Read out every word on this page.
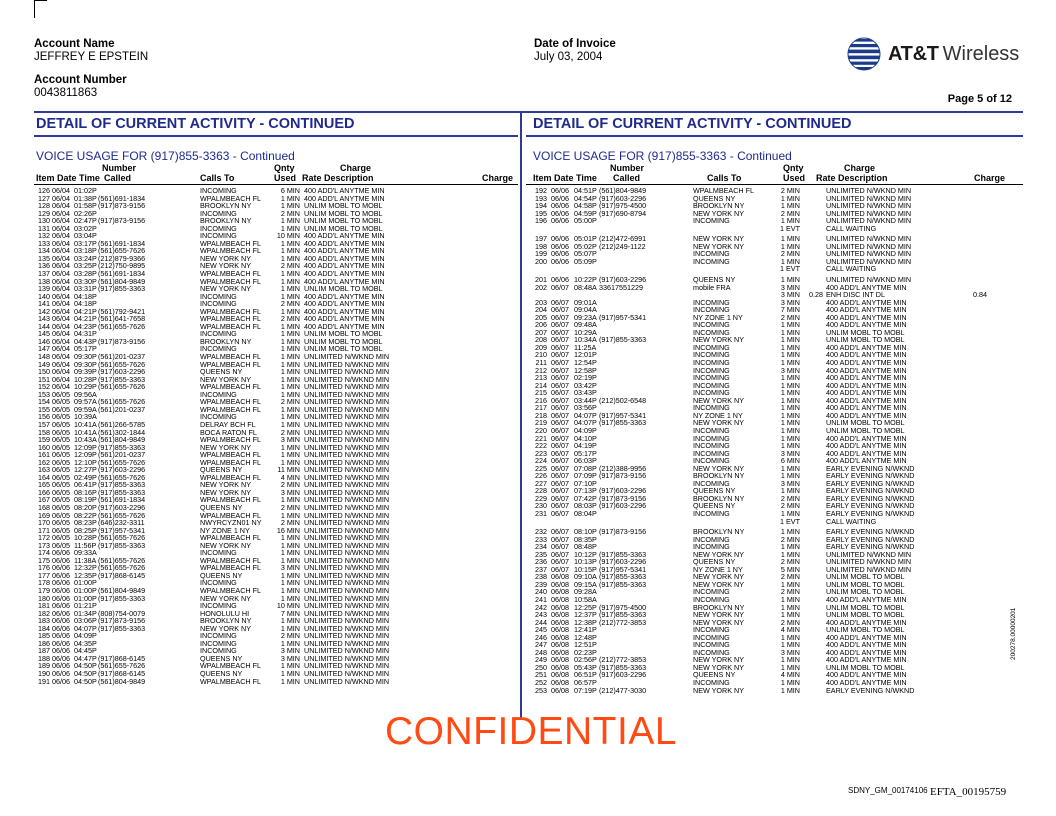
Account Name
JEFFREY E EPSTEIN
Account Number
0043811863
Date of Invoice
July 03, 2004	AT&T Wireless
Page 5 of 12
DETAIL OF CURRENT ACTIVITY - CONTINUED
VOICE USAGE FOR (917)855-3363 - Continued
Number	Qnty	Charge
Item Date Time Called	Calls To	Used Rate Description	Charge
126 06/04 01:02P	INCOMING	6 MIN 400 ADD'L ANYTME MIN
127 06/04 01:38P (561)691-1834	WPALMBEACH FL	1 MIN 400 ADD'L ANYTME MIN
128 06/04 01:58P (917)873-9156	BROOKLYN NY	1 MIN UNLIM MOBL TO MOBL
129 06/04 02:26P	INCOMING	2 MIN UNLIM MOBL TO MOBL
130 06/04 02:47P (917)873-9156	BROOKLYN NY	1 MIN UNLIM MOBL TO MOBL
131 06/04 03:02P	INCOMING	1 MIN UNLIM MOBL TO MOBL
132 06/04 03:04P	INCOMING	10 MIN 400 ADD'L ANYTME MIN
133 06/04 03:17P (561)691-1834	WPALMBEACH FL	1 MIN 400 ADD'L ANYTME MIN
134 06/04 03:18P (561)655-7626	WPALMBEACH FL	1 MIN 400 ADD'L ANYTME MIN
135 06/04 03:24P (212)879-9366	NEW YORK NY	1 MIN 400 ADD'L ANYTME MIN
136 06/04 03:25P (212)750-9895	NEW YORK NY	2 MIN 400 ADD'L ANYTME MIN
137 06/04 03:28P (561)691-1834	WPALMBEACH FL	1 MIN 400 ADD'L ANYTME MIN
138 06/04 03:30P (561)804-9849	WPALMBEACH FL	1 MIN 400 ADD'L ANYTME MIN
139 06/04 03:31P (917)855-3363	NEW YORK NY	1 MIN UNLIM MOBL TO MOBL
140 06/04 04:18P	INCOMING	1 MIN 400 ADD'L ANYTME MIN
141 06/04 04:18P	INCOMING	2 MIN 400 ADD'L ANYTME MIN
142 06/04 04:21P (561)792-9421	WPALMBEACH FL	1 MIN 400 ADD'L ANYTME MIN
143 06/04 04:21P (561)641-7658	WPALMBEACH FL	2 MIN 400 ADD'L ANYTME MIN
144 06/04 04:23P (561)655-7626	WPALMBEACH FL	1 MIN 400 ADD'L ANYTME MIN
145 06/04 04:31P	INCOMING	1 MIN UNLIM MOBL TO MOBL
146 06/04 04:43P (917)873-9156	BROOKLYN NY	1 MIN UNLIM MOBL TO MOBL
147 06/04 05:17P	INCOMING	1 MIN UNLIM MOBL TO MOBL
148 06/04 09:30P (561)201-0237	WPALMBEACH FL	1 MIN UNLIMITED N/WKND MIN
149 06/04 09:30P (561)655-7626	WPALMBEACH FL	1 MIN UNLIMITED N/WKND MIN
150 06/04 09:39P (917)603-2296	QUEENS NY	1 MIN UNLIMITED N/WKND MIN
151 06/04 10:28P (917)855-3363	NEW YORK NY	1 MIN UNLIMITED N/WKND MIN
152 06/04 10:29P (561)655-7626	WPALMBEACH FL	1 MIN UNLIMITED N/WKND MIN
153 06/05 09:56A	INCOMING	1 MIN UNLIMITED N/WKND MIN
154 06/05 09:57A (561)655-7626	WPALMBEACH FL	2 MIN UNLIMITED N/WKND MIN
155 06/05 09:59A (561)201-0237	WPALMBEACH FL	1 MIN UNLIMITED N/WKND MIN
156 06/05 10:39A	INCOMING	1 MIN UNLIMITED N/WKND MIN
157 06/05 10:41A (561)266-5785	DELRAY BCH FL	1 MIN UNLIMITED N/WKND MIN
158 06/05 10:41A (561)302-1844	BOCA RATON FL	2 MIN UNLIMITED N/WKND MIN
159 06/05 10:43A (561)804-9849	WPALMBEACH FL	3 MIN UNLIMITED N/WKND MIN
160 06/05 12:09P (917)855-3363	NEW YORK NY	1 MIN UNLIMITED N/WKND MIN
161 06/05 12:09P (561)201-0237	WPALMBEACH FL	1 MIN UNLIMITED N/WKND MIN
162 06/05 12:10P (561)655-7626	WPALMBEACH FL	1 MIN UNLIMITED N/WKND MIN
163 06/05 12:27P (917)603-2296	QUEENS NY	11 MIN UNLIMITED N/WKND MIN
164 06/05 02:49P (561)655-7626	WPALMBEACH FL	4 MIN UNLIMITED N/WKND MIN
165 06/05 06:41P (917)855-3363	NEW YORK NY	2 MIN UNLIMITED N/WKND MIN
166 06/05 08:16P (917)855-3363	NEW YORK NY	3 MIN UNLIMITED N/WKND MIN
167 06/05 08:19P (561)691-1834	WPALMBEACH FL	1 MIN UNLIMITED N/WKND MIN
168 06/05 08:20P (917)603-2296	QUEENS NY	2 MIN UNLIMITED N/WKND MIN
169 06/05 08:22P (561)655-7626	WPALMBEACH FL	1 MIN UNLIMITED N/WKND MIN
170 06/05 08:23P (646)232-3311	NWYRCYZN01 NY	2 MIN UNLIMITED N/WKND MIN
171 06/05 08:25P (917)957-5341	NY ZONE 1 NY	16 MIN UNLIMITED N/WKND MIN
172 06/05 10:28P (561)655-7626	WPALMBEACH FL	1 MIN UNLIMITED N/WKND MIN
173 06/05 11:56P (917)855-3363	NEW YORK NY	1 MIN UNLIMITED N/WKND MIN
174 06/06 09:33A	INCOMING	1 MIN UNLIMITED N/WKND MIN
175 06/06 11:38A (561)655-7626	WPALMBEACH FL	1 MIN UNLIMITED N/WKND MIN
176 06/06 12:32P (561)655-7626	WPALMBEACH FL	3 MIN UNLIMITED N/WKND MIN
177 06/06 12:35P (917)868-6145	QUEENS NY	1 MIN UNLIMITED N/WKND MIN
178 06/06 01:00P	INCOMING	1 MIN UNLIMITED N/WKND MIN
179 06/06 01:00P (561)804-9849	WPALMBEACH FL	1 MIN UNLIMITED N/WKND MIN
180 06/06 01:00P (917)855-3363	NEW YORK NY	1 MIN UNLIMITED N/WKND MIN
181 06/06 01:21P	INCOMING	10 MIN UNLIMITED N/WKND MIN
182 06/06 01:34P (808)754-0079	HONOLULU HI	7 MIN UNLIMITED N/WKND MIN
183 06/06 03:06P (917)873-9156	BROOKLYN NY	1 MIN UNLIMITED N/WKND MIN
184 06/06 04:07P (917)855-3363	NEW YORK NY	1 MIN UNLIMITED N/WKND MIN
185 06/06 04:09P	INCOMING	2 MIN UNLIMITED N/WKND MIN
186 06/06 04:35P	INCOMING	1 MIN UNLIMITED N/WKND MIN
187 06/06 04:45P	INCOMING	3 MIN UNLIMITED N/WKND MIN
188 06/06 04:47P (917)868-6145	QUEENS NY	3 MIN UNLIMITED N/WKND MIN
189 06/06 04:50P (561)655-7626	WPALMBEACH FL	1 MIN UNLIMITED N/WKND MIN
190 06/06 04:50P (917)868-6145	QUEENS NY	1 MIN UNLIMITED N/WKND MIN
191 06/06 04:50P (561)804-9849	WPALMBEACH FL	1 MIN UNLIMITED N/WKND MIN
DETAIL OF CURRENT ACTIVITY - CONTINUED
VOICE USAGE FOR (917)855-3363 - Continued
Number	Qnty	Charge
Item Date Time Called	Calls To	Used Rate Description	Charge
192 06/06 04:51P (561)804-9849	WPALMBEACH FL	2 MIN	UNLIMITED N/WKND MIN
193 06/06 04:54P (917)603-2296	QUEENS NY	1 MIN	UNLIMITED N/WKND MIN
194 06/06 04:58P (917)975-4500	BROOKLYN NY	1 MIN	UNLIMITED N/WKND MIN
195 06/06 04:59P (917)690-8794	NEW YORK NY	2 MIN	UNLIMITED N/WKND MIN
196 06/06 05:00P	INCOMING	1 MIN	UNLIMITED N/WKND MIN
1 EVT	CALL WAITING
197 06/06 05:01P (212)472-6991	NEW YORK NY	1 MIN	UNLIMITED N/WKND MIN
198 06/06 05:02P (212)249-1122	NEW YORK NY	1 MIN	UNLIMITED N/WKND MIN
199 06/06 05:07P	INCOMING	2 MIN	UNLIMITED N/WKND MIN
200 06/06 05:09P	INCOMING	1 MIN	UNLIMITED N/WKND MIN
1 EVT	CALL WAITING
201 06/06 10:22P (917)603-2296	QUEENS NY	1 MIN	UNLIMITED N/WKND MIN
202 06/07 08:48A 33617551229	mobile FRA	3 MIN	400 ADD'L ANYTME MIN
3 MIN 0.28 ENH DISC INT DL	0.84
203 06/07 09:01A	INCOMING	3 MIN	400 ADD'L ANYTME MIN
204 06/07 09:04A	INCOMING	7 MIN	400 ADD'L ANYTME MIN
205 06/07 09:23A (917)957-5341	NY ZONE 1 NY	2 MIN	400 ADD'L ANYTME MIN
206 06/07 09:48A	INCOMING	1 MIN	400 ADD'L ANYTME MIN
207 06/07 10:29A	INCOMING	1 MIN	UNLIM MOBL TO MOBL
208 06/07 10:34A (917)855-3363	NEW YORK NY	1 MIN	UNLIM MOBL TO MOBL
209 06/07 11:25A	INCOMING	1 MIN	400 ADD'L ANYTME MIN
210 06/07 12:01P	INCOMING	1 MIN	400 ADD'L ANYTME MIN
211 06/07 12:54P	INCOMING	1 MIN	400 ADD'L ANYTME MIN
212 06/07 12:58P	INCOMING	3 MIN	400 ADD'L ANYTME MIN
213 06/07 02:19P	INCOMING	1 MIN	400 ADD'L ANYTME MIN
214 06/07 03:42P	INCOMING	1 MIN	400 ADD'L ANYTME MIN
215 06/07 03:43P	INCOMING	1 MIN	400 ADD'L ANYTME MIN
216 06/07 03:44P (212)502-6548	NEW YORK NY	1 MIN	400 ADD'L ANYTME MIN
217 06/07 03:56P	INCOMING	1 MIN	400 ADD'L ANYTME MIN
218 06/07 04:07P (917)957-5341	NY ZONE 1 NY	1 MIN	400 ADD'L ANYTME MIN
219 06/07 04:07P (917)855-3363	NEW YORK NY	1 MIN	UNLIM MOBL TO MOBL
220 06/07 04:09P	INCOMING	1 MIN	UNLIM MOBL TO MOBL
221 06/07 04:10P	INCOMING	1 MIN	400 ADD'L ANYTME MIN
222 06/07 04:19P	INCOMING	1 MIN	400 ADD'L ANYTME MIN
223 06/07 05:17P	INCOMING	3 MIN	400 ADD'L ANYTME MIN
224 06/07 06:03P	INCOMING	6 MIN	400 ADD'L ANYTME MIN
225 06/07 07:08P (212)388-9956	NEW YORK NY	1 MIN	EARLY EVENING N/WKND
226 06/07 07:09P (917)873-9156	BROOKLYN NY	1 MIN	EARLY EVENING N/WKND
227 06/07 07:10P	INCOMING	3 MIN	EARLY EVENING N/WKND
228 06/07 07:13P (917)603-2296	QUEENS NY	1 MIN	EARLY EVENING N/WKND
229 06/07 07:42P (917)873-9156	BROOKLYN NY	2 MIN	EARLY EVENING N/WKND
230 06/07 08:03P (917)603-2296	QUEENS NY	2 MIN	EARLY EVENING N/WKND
231 06/07 08:04P	INCOMING	1 MIN	EARLY EVENING N/WKND
1 EVT	CALL WAITING
232 06/07 08:10P (917)873-9156	BROOKLYN NY	1 MIN	EARLY EVENING N/WKND
233 06/07 08:35P	INCOMING	2 MIN	EARLY EVENING N/WKND
234 06/07 08:48P	INCOMING	1 MIN	EARLY EVENING N/WKND
235 06/07 10:12P (917)855-3363	NEW YORK NY	1 MIN	UNLIMITED N/WKND MIN
236 06/07 10:13P (917)603-2296	QUEENS NY	2 MIN	UNLIMITED N/WKND MIN
237 06/07 10:15P (917)957-5341	NY ZONE 1 NY	5 MIN	UNLIMITED N/WKND MIN
238 06/08 09:10A (917)855-3363	NEW YORK NY	2 MIN	UNLIM MOBL TO MOBL
239 06/08 09:15A (917)855-3363	NEW YORK NY	1 MIN	UNLIM MOBL TO MOBL
240 06/08 09:28A	INCOMING	2 MIN	UNLIM MOBL TO MOBL
241 06/08 10:58A	INCOMING	1 MIN	400 ADD'L ANYTME MIN
242 06/08 12:25P (917)975-4500	BROOKLYN NY	1 MIN	UNLIM MOBL TO MOBL
243 06/08 12:37P (917)855-3363	NEW YORK NY	1 MIN	UNLIM MOBL TO MOBL
244 06/08 12:38P (212)772-3853	NEW YORK NY	2 MIN	400 ADD'L ANYTME MIN
245 06/08 12:41P	INCOMING	4 MIN	UNLIM MOBL TO MOBL
246 06/08 12:48P	INCOMING	1 MIN	400 ADD'L ANYTME MIN
247 06/08 12:51P	INCOMING	1 MIN	400 ADD'L ANYTME MIN
248 06/08 02:23P	INCOMING	3 MIN	400 ADD'L ANYTME MIN
249 06/08 02:56P (212)772-3853	NEW YORK NY	1 MIN	400 ADD'L ANYTME MIN
250 06/08 05:43P (917)855-3363	NEW YORK NY	1 MIN	UNLIM MOBL TO MOBL
251 06/08 06:51P (917)603-2296	QUEENS NY	4 MIN	400 ADD'L ANYTME MIN
252 06/08 06:57P	INCOMING	1 MIN	400 ADD'L ANYTME MIN
253 06/08 07:19P (212)477-3030	NEW YORK NY	1 MIN	EARLY EVENING N/WKND
CONFIDENTIAL
SDNY_GM_00174106 EFTA_00195759
200278.00000201
